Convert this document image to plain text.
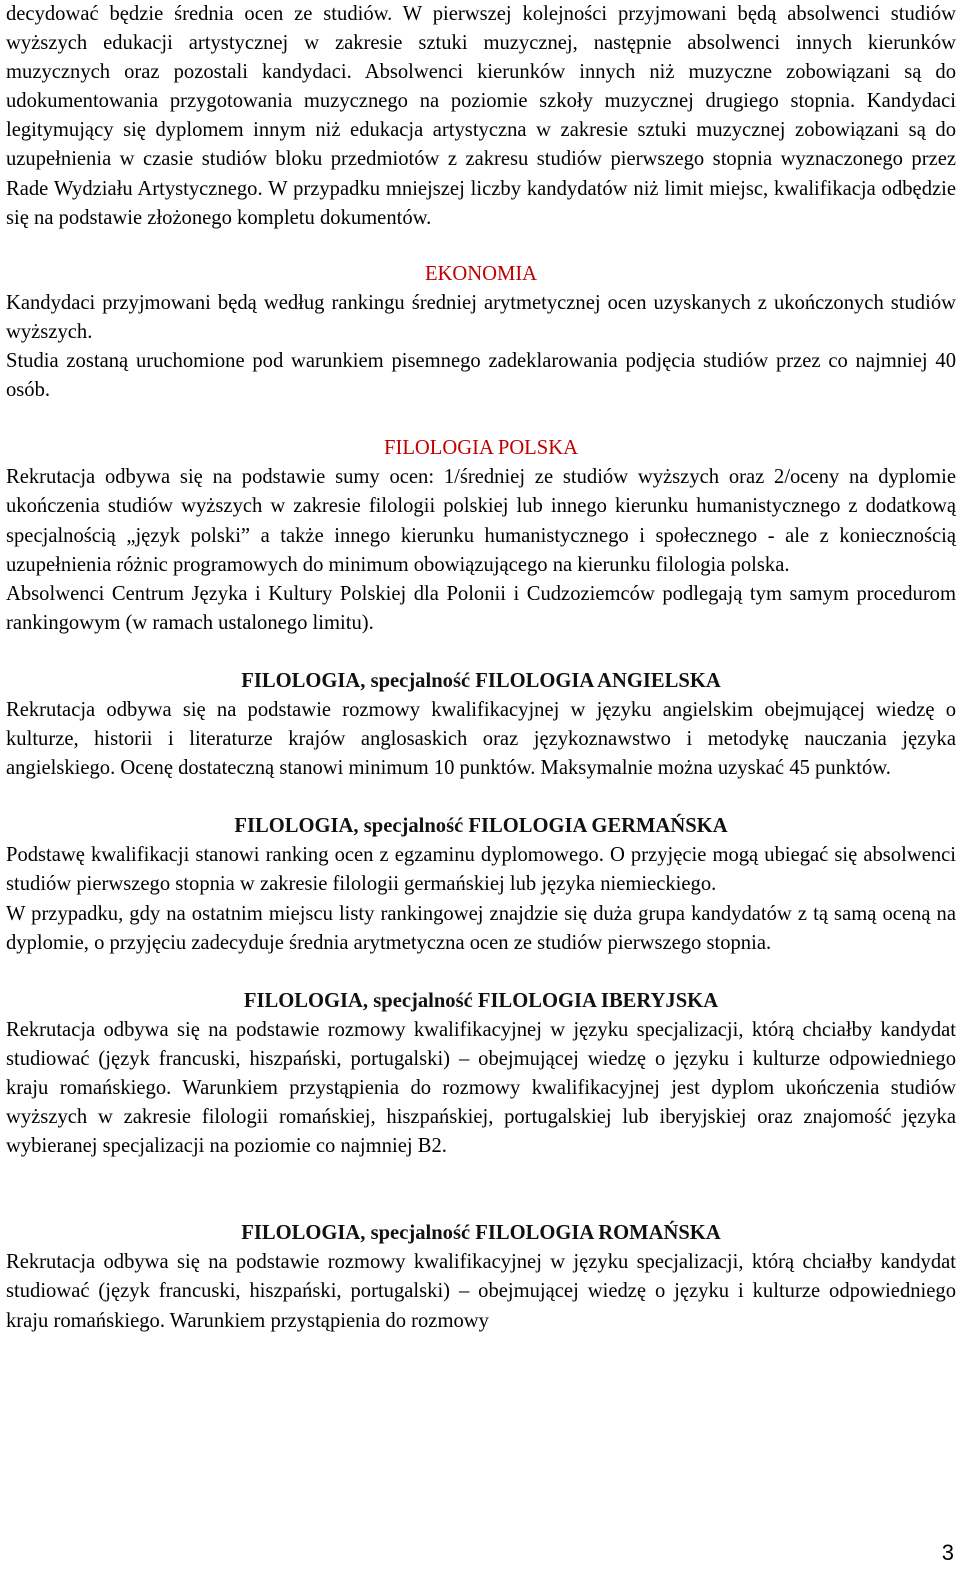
decydować będzie średnia ocen ze studiów. W pierwszej kolejności przyjmowani będą absolwenci studiów wyższych edukacji artystycznej w zakresie sztuki muzycznej, następnie absolwenci innych kierunków muzycznych oraz pozostali kandydaci. Absolwenci kierunków innych niż muzyczne zobowiązani są do udokumentowania przygotowania muzycznego na poziomie szkoły muzycznej drugiego stopnia. Kandydaci legitymujący się dyplomem innym niż edukacja artystyczna w zakresie sztuki muzycznej zobowiązani są do uzupełnienia w czasie studiów bloku przedmiotów z zakresu studiów pierwszego stopnia wyznaczonego przez Rade Wydziału Artystycznego. W przypadku mniejszej liczby kandydatów niż limit miejsc, kwalifikacja odbędzie się na podstawie złożonego kompletu dokumentów.

EKONOMIA

Kandydaci przyjmowani będą według rankingu średniej arytmetycznej ocen uzyskanych z ukończonych studiów wyższych.

Studia zostaną uruchomione pod warunkiem pisemnego zadeklarowania podjęcia studiów przez co najmniej 40 osób.

FILOLOGIA POLSKA

Rekrutacja odbywa się na podstawie sumy ocen: 1/średniej ze studiów wyższych oraz 2/oceny na dyplomie ukończenia studiów wyższych w zakresie filologii polskiej lub innego kierunku humanistycznego z dodatkową specjalnością „język polski” a także innego kierunku humanistycznego i społecznego - ale z koniecznością uzupełnienia różnic programowych do minimum obowiązującego na kierunku filologia polska.

Absolwenci Centrum Języka i Kultury Polskiej dla Polonii i Cudzoziemców podlegają tym samym procedurom rankingowym (w ramach ustalonego limitu).

FILOLOGIA, specjalność FILOLOGIA ANGIELSKA

Rekrutacja odbywa się na podstawie rozmowy kwalifikacyjnej w języku angielskim obejmującej wiedzę o kulturze, historii i literaturze krajów anglosaskich oraz językoznawstwo i metodykę nauczania języka angielskiego. Ocenę dostateczną stanowi minimum 10 punktów. Maksymalnie można uzyskać 45 punktów.

FILOLOGIA, specjalność FILOLOGIA GERMAŃSKA

Podstawę kwalifikacji stanowi ranking ocen z egzaminu dyplomowego. O przyjęcie mogą ubiegać się absolwenci studiów pierwszego stopnia w zakresie filologii germańskiej lub języka niemieckiego.

W przypadku, gdy na ostatnim miejscu listy rankingowej znajdzie się duża grupa kandydatów z tą samą oceną na dyplomie, o przyjęciu zadecyduje średnia arytmetyczna ocen ze studiów pierwszego stopnia.

FILOLOGIA, specjalność FILOLOGIA IBERYJSKA

Rekrutacja odbywa się na podstawie rozmowy kwalifikacyjnej w języku specjalizacji, którą chciałby kandydat studiować (język francuski, hiszpański, portugalski) – obejmującej wiedzę o języku i kulturze odpowiedniego kraju romańskiego. Warunkiem przystąpienia do rozmowy kwalifikacyjnej jest dyplom ukończenia studiów wyższych w zakresie filologii romańskiej, hiszpańskiej, portugalskiej lub iberyjskiej oraz znajomość języka wybieranej specjalizacji na poziomie co najmniej B2.

FILOLOGIA, specjalność FILOLOGIA ROMAŃSKA

Rekrutacja odbywa się na podstawie rozmowy kwalifikacyjnej w języku specjalizacji, którą chciałby kandydat studiować (język francuski, hiszpański, portugalski) – obejmującej wiedzę o języku i kulturze odpowiedniego kraju romańskiego. Warunkiem przystąpienia do rozmowy

3
